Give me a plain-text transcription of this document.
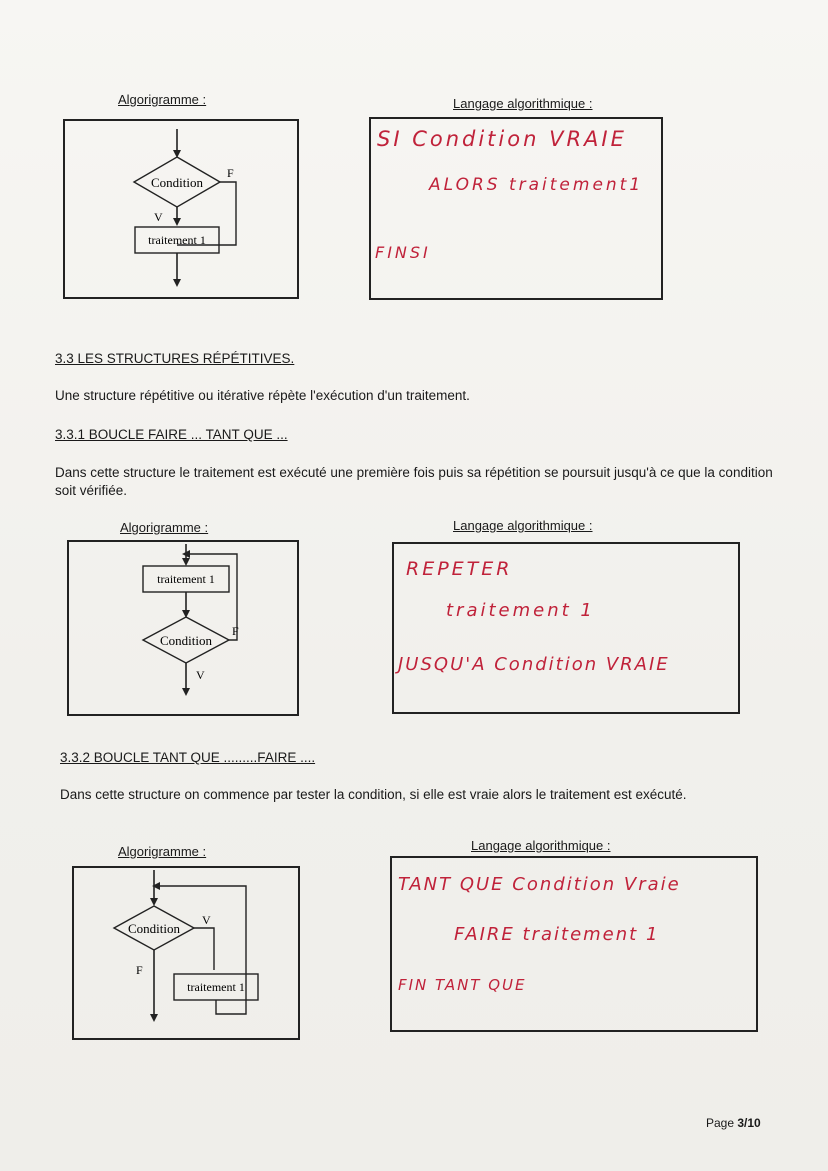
Algorigramme :	Langage algorithmique :
Condition
F
V
traitement 1
SI Condition VRAIE
ALORS traitement1
FINSI
3.3 LES STRUCTURES RÉPÉTITIVES.
Une structure répétitive ou itérative répète l'exécution d'un traitement.
3.3.1 BOUCLE FAIRE ... TANT QUE ...
Dans cette structure le traitement est exécuté une première fois puis sa répétition se poursuit jusqu'à ce que la condition soit vérifiée.
Algorigramme :	Langage algorithmique :
traitement 1
Condition
F
V
REPETER
traitement 1
JUSQU'A Condition VRAIE
3.3.2 BOUCLE TANT QUE .........FAIRE ....
Dans cette structure on commence par tester la condition, si elle est vraie alors le traitement est exécuté.
Algorigramme :	Langage algorithmique :
Condition
V
traitement 1
F
TANT QUE Condition Vraie
FAIRE traitement 1
FIN TANT QUE
Page 3/10
